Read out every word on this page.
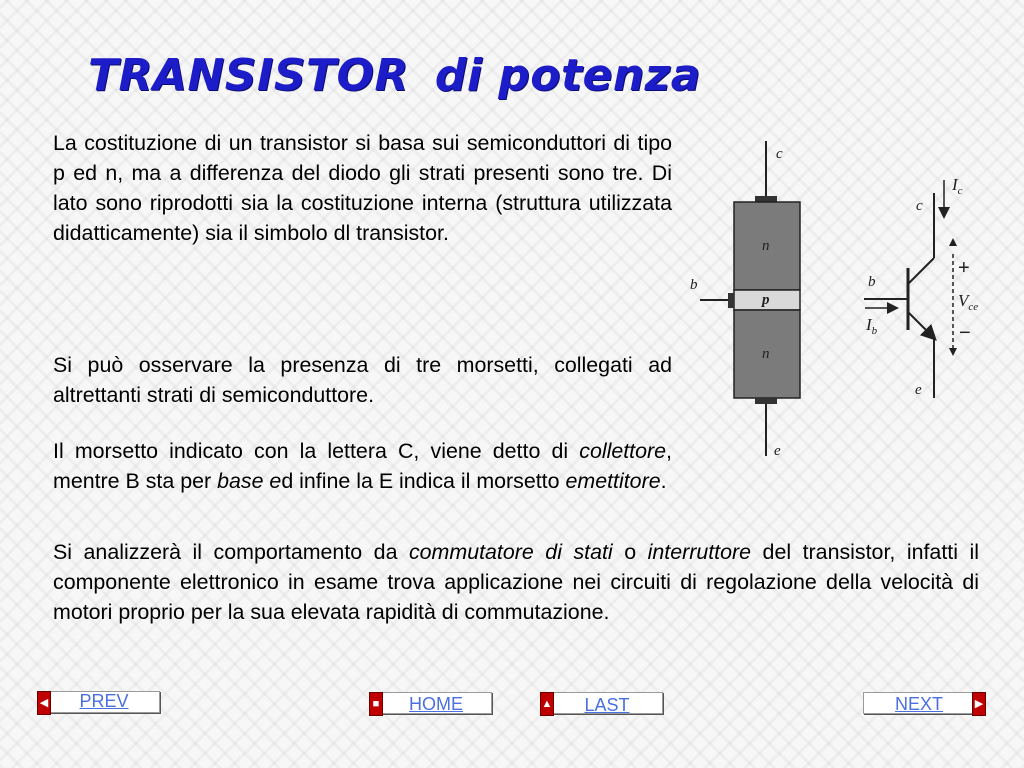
TRANSISTOR di potenza

La costituzione di un transistor si basa sui semiconduttori di tipo p ed n, ma a differenza del diodo gli strati presenti sono tre. Di lato sono riprodotti sia la costituzione interna (struttura utilizzata didatticamente) sia il simbolo dl transistor.

Si può osservare la presenza di tre morsetti, collegati ad altrettanti strati di semiconduttore.

Il morsetto indicato con la lettera C, viene detto di collettore, mentre B sta per base ed infine la E indica il morsetto emettitore.

Si analizzerà il comportamento da commutatore di stati o interruttore del transistor, infatti il componente elettronico in esame trova applicazione nei circuiti di regolazione della velocità di motori proprio per la sua elevata rapidità di commutazione.

c
b
e
n
p
n
c
b
e
$I_c$
$I_b$
$V_{ce}$
+
−
◀	PREV	■	HOME	▲	LAST	▶
NEXT
